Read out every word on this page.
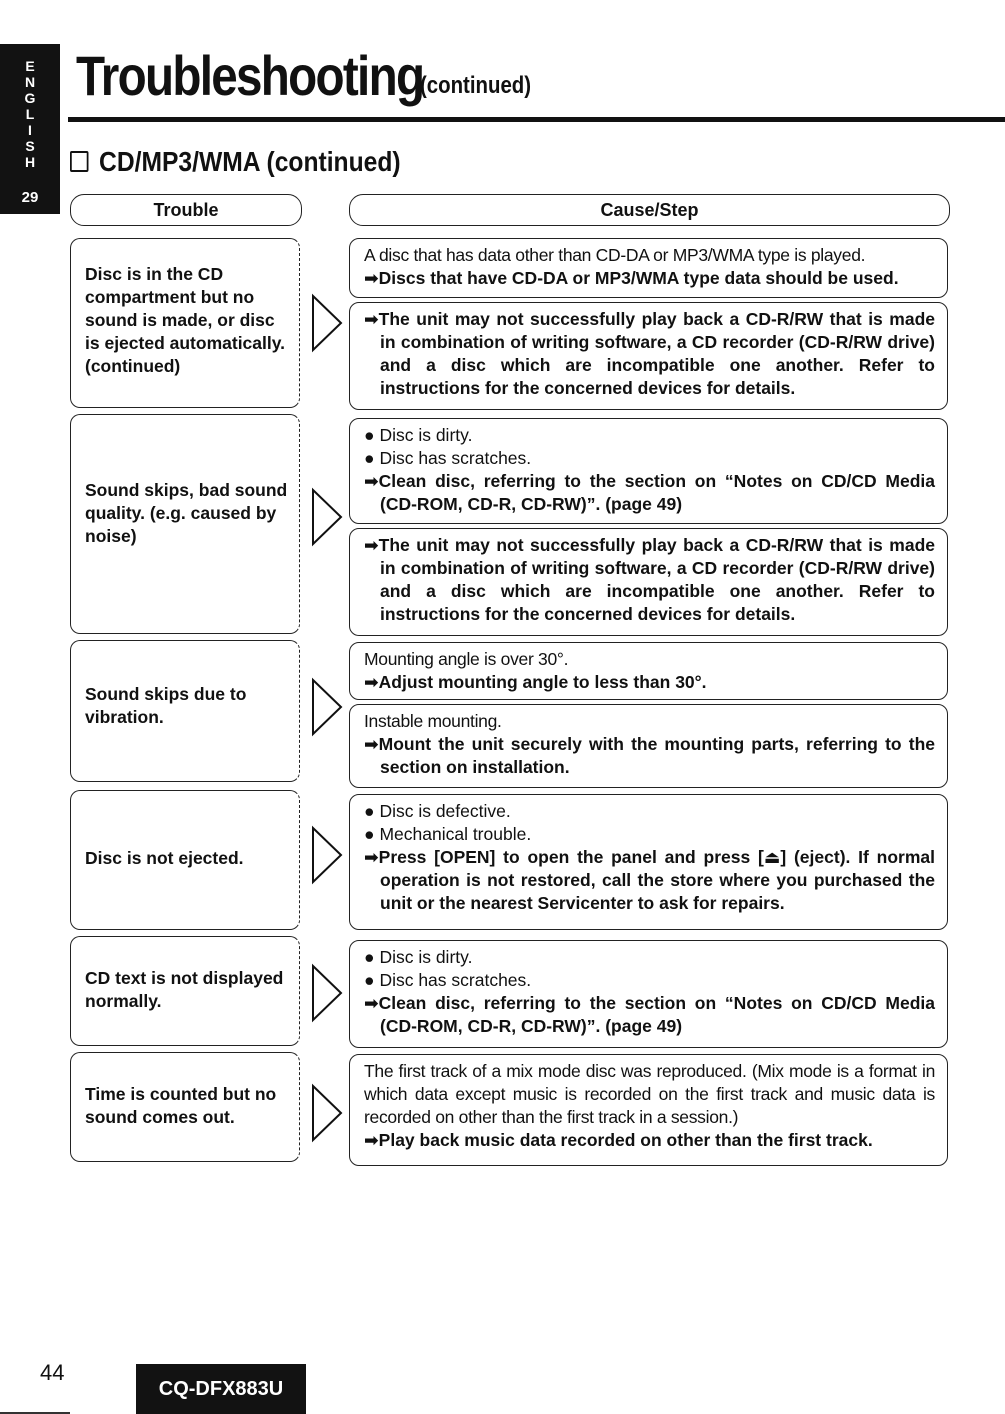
E
N
G
L
I
S
H
29
Troubleshooting
(continued)
CD/MP3/WMA (continued)
Trouble	Cause/Step
Disc is in the CD compartment but no sound is made, or disc is ejected automatically. (continued)
A disc that has data other than CD-DA or MP3/WMA type is played.
➡Discs that have CD-DA or MP3/WMA type data should be used.
➡The unit may not successfully play back a CD-R/RW that is made in combination of writing software, a CD recorder (CD-R/RW drive) and a disc which are incompatible one another. Refer to instructions for the concerned devices for details.
Sound skips, bad sound quality. (e.g. caused by noise)
● Disc is dirty.
● Disc has scratches.
➡Clean disc, referring to the section on “Notes on CD/CD Media (CD-ROM, CD-R, CD-RW)”. (page 49)
➡The unit may not successfully play back a CD-R/RW that is made in combination of writing software, a CD recorder (CD-R/RW drive) and a disc which are incompatible one another. Refer to instructions for the concerned devices for details.
Sound skips due to vibration.
Mounting angle is over 30°.
➡Adjust mounting angle to less than 30°.
Instable mounting.
➡Mount the unit securely with the mounting parts, referring to the section on installation.
Disc is not ejected.
● Disc is defective.
● Mechanical trouble.
➡Press [OPEN] to open the panel and press [⏏] (eject). If normal operation is not restored, call the store where you purchased the unit or the nearest Servicenter to ask for repairs.
CD text is not displayed normally.
● Disc is dirty.
● Disc has scratches.
➡Clean disc, referring to the section on “Notes on CD/CD Media (CD-ROM, CD-R, CD-RW)”. (page 49)
Time is counted but no sound comes out.
The first track of a mix mode disc was reproduced. (Mix mode is a format in which data except music is recorded on the first track and music data is recorded on other than the first track in a session.)
➡Play back music data recorded on other than the first track.
44
CQ-DFX883U
